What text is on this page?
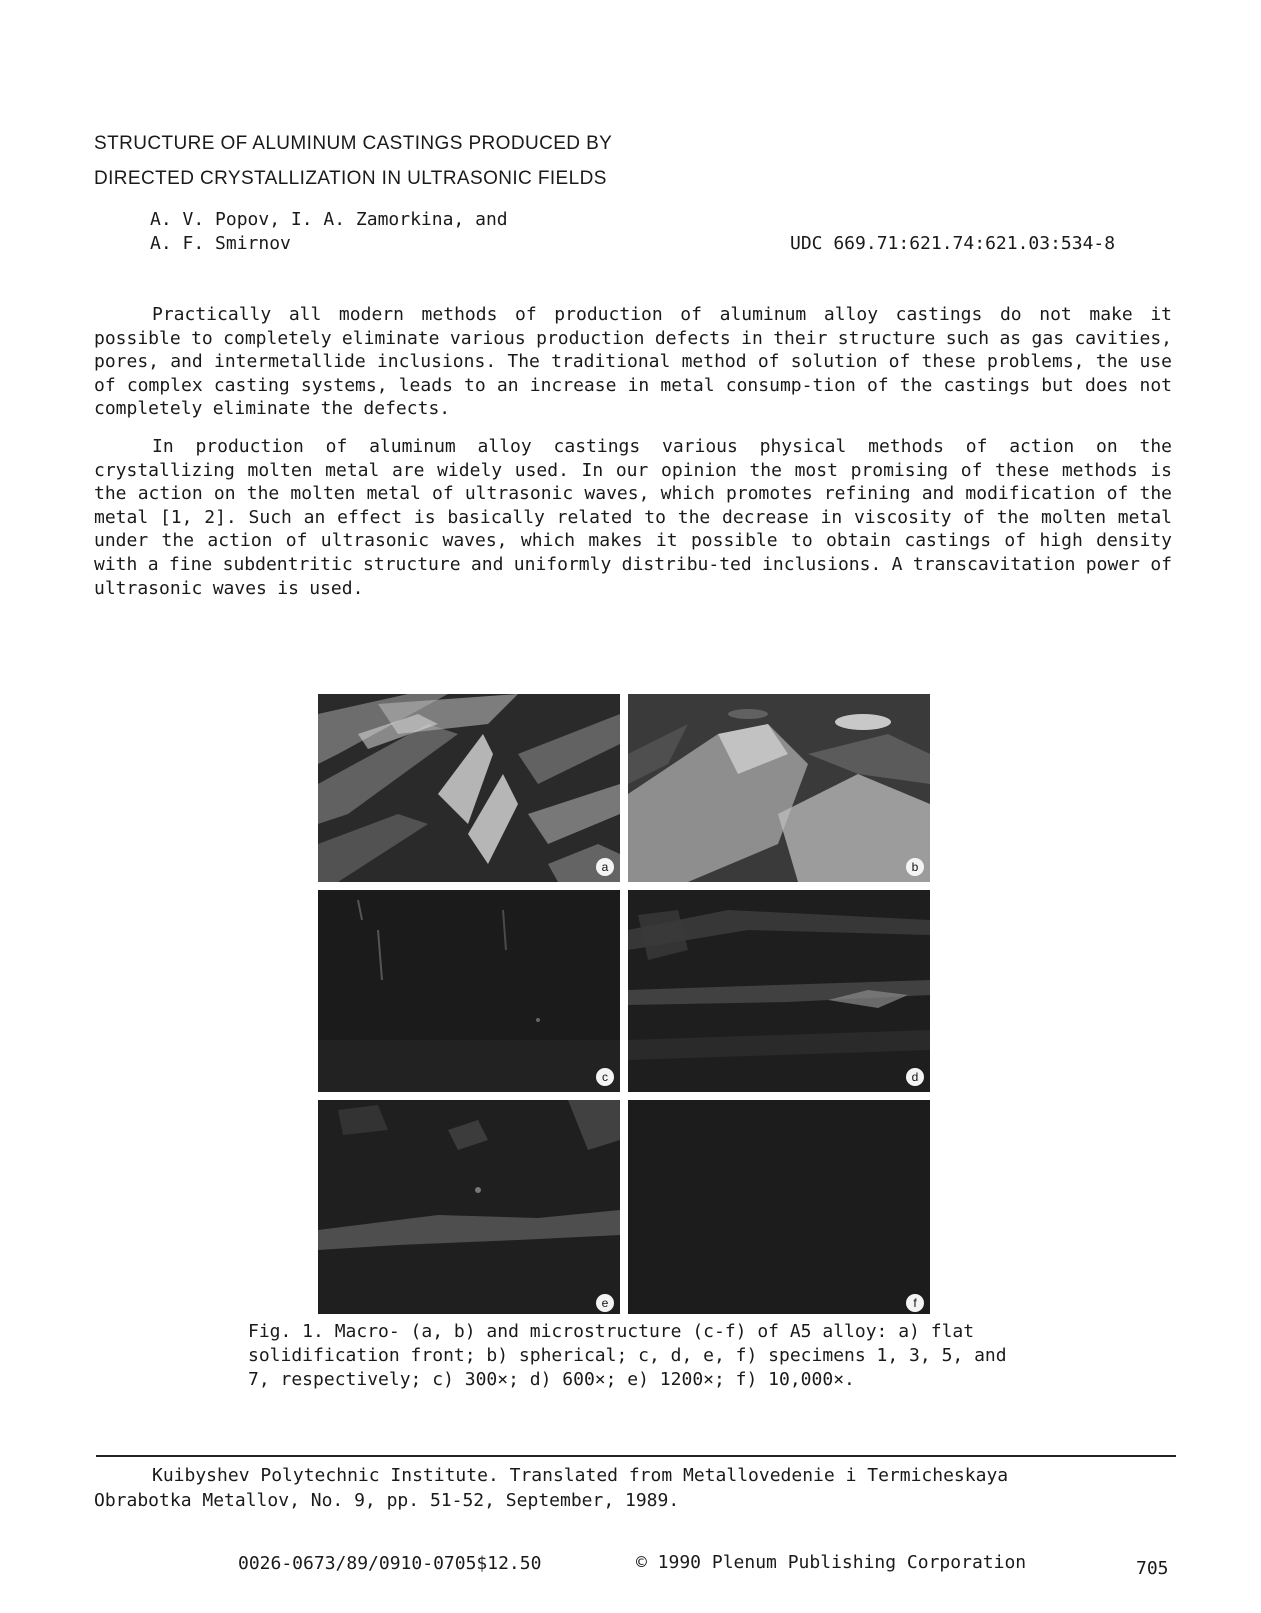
STRUCTURE OF ALUMINUM CASTINGS PRODUCED BY
DIRECTED CRYSTALLIZATION IN ULTRASONIC FIELDS
A. V. Popov, I. A. Zamorkina, and
A. F. Smirnov	UDC 669.71:621.74:621.03:534-8

Practically all modern methods of production of aluminum alloy castings do not make it possible to completely eliminate various production defects in their structure such as gas cavities, pores, and intermetallide inclusions. The traditional method of solution of these problems, the use of complex casting systems, leads to an increase in metal consump-tion of the castings but does not completely eliminate the defects.

In production of aluminum alloy castings various physical methods of action on the crystallizing molten metal are widely used. In our opinion the most promising of these methods is the action on the molten metal of ultrasonic waves, which promotes refining and modification of the metal [1, 2]. Such an effect is basically related to the decrease in viscosity of the molten metal under the action of ultrasonic waves, which makes it possible to obtain castings of high density with a fine subdentritic structure and uniformly distribu-ted inclusions. A transcavitation power of ultrasonic waves is used.

a	b
c	d
e	f
Fig. 1. Macro- (a, b) and microstructure (c-f) of A5 alloy: a) flat solidification front; b) spherical; c, d, e, f) specimens 1, 3, 5, and 7, respectively; c) 300×; d) 600×; e) 1200×; f) 10,000×.
Kuibyshev Polytechnic Institute. Translated from Metallovedenie i Termicheskaya
Obrabotka Metallov, No. 9, pp. 51-52, September, 1989.
0026-0673/89/0910-0705$12.50	© 1990 Plenum Publishing Corporation	705
